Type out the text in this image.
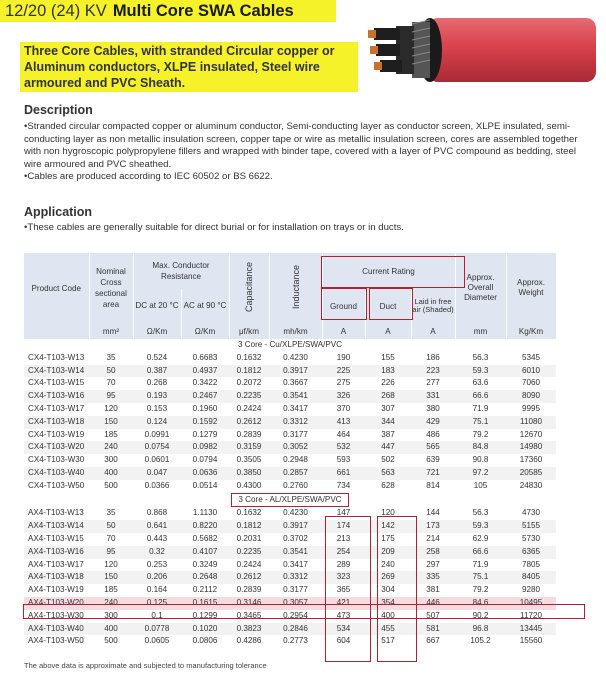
12/20 (24) KV Multi Core SWA Cables
Three Core Cables, with stranded Circular copper or Aluminum conductors, XLPE insulated, Steel wire armoured and PVC Sheath.
Description

•Stranded circular compacted copper or aluminum conductor, Semi-conducting layer as conductor screen, XLPE insulated, semi-conducting layer as non metallic insulation screen, copper tape or wire as metallic insulation screen, cores are assembled together with non hygroscopic polypropylene fillers and wrapped with binder tape, covered with a layer of PVC compound as bedding, steel wire armoured and PVC sheathed.

•Cables are produced according to IEC 60502 or BS 6622.

Application

•These cables are generally suitable for direct burial or for installation on trays or in ducts.

Product Code	Nominal Cross sectional area	Max. Conductor Resistance		Capacitance	Inductance	Current Rating			Approx. Overall Diameter	Approx. Weight
		DC at 20 °C	AC at 90 °C			Ground	Duct	Laid in free air (Shaded)		
	mm²	Ω/Km	Ω/Km	μf/km	mh/km	A	A	A	mm	Kg/Km
3 Core - Cu/XLPE/SWA/PVC										
CX4-T103-W13	35	0.524	0.6683	0.1632	0.4230	190	155	186	56.3	5345
CX4-T103-W14	50	0.387	0.4937	0.1812	0.3917	225	183	223	59.3	6010
CX4-T103-W15	70	0.268	0.3422	0.2072	0.3667	275	226	277	63.6	7060
CX4-T103-W16	95	0.193	0.2467	0.2235	0.3541	326	268	331	66.6	8090
CX4-T103-W17	120	0.153	0.1960	0.2424	0.3417	370	307	380	71.9	9995
CX4-T103-W18	150	0.124	0.1592	0.2612	0.3312	413	344	429	75.1	11080
CX4-T103-W19	185	0.0991	0.1279	0.2839	0.3177	464	387	486	79.2	12670
CX4-T103-W20	240	0.0754	0.0982	0.3159	0.3052	532	447	565	84.8	14980
CX4-T103-W30	300	0.0601	0.0794	0.3505	0.2948	593	502	639	90.8	17360
CX4-T103-W40	400	0.047	0.0636	0.3850	0.2857	661	563	721	97.2	20585
CX4-T103-W50	500	0.0366	0.0514	0.4300	0.2760	734	628	814	105	24830
3 Core - AL/XLPE/SWA/PVC										
AX4-T103-W13	35	0.868	1.1130	0.1632	0.4230	147	120	144	56.3	4730
AX4-T103-W14	50	0.641	0.8220	0.1812	0.3917	174	142	173	59.3	5155
AX4-T103-W15	70	0.443	0.5682	0.2031	0.3702	213	175	214	62.9	5730
AX4-T103-W16	95	0.32	0.4107	0.2235	0.3541	254	209	258	66.6	6365
AX4-T103-W17	120	0.253	0.3249	0.2424	0.3417	289	240	297	71.9	7805
AX4-T103-W18	150	0.206	0.2648	0.2612	0.3312	323	269	335	75.1	8405
AX4-T103-W19	185	0.164	0.2112	0.2839	0.3177	365	304	381	79.2	9280
AX4-T103-W20	240	0.125	0.1615	0.3146	0.3057	421	354	446	84.6	10495
AX4-T103-W30	300	0.1	0.1299	0.3465	0.2954	473	400	507	90.2	11720
AX4-T103-W40	400	0.0778	0.1020	0.3823	0.2846	534	455	581	96.8	13445
AX4-T103-W50	500	0.0605	0.0806	0.4286	0.2773	604	517	667	105.2	15560
The above data is approximate and subjected to manufacturing tolerance
